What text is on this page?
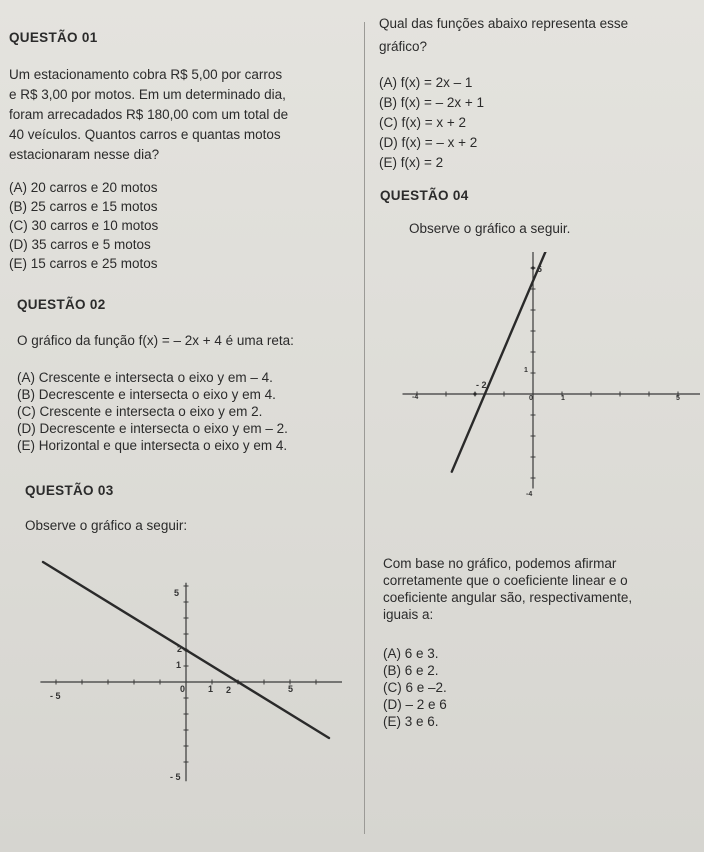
QUESTÃO 01
Um estacionamento cobra R$ 5,00 por carros
e R$ 3,00 por motos. Em um determinado dia,
foram arrecadados R$ 180,00 com um total de
40 veículos. Quantos carros e quantas motos
estacionaram nesse dia?
(A) 20 carros e 20 motos
(B) 25 carros e 15 motos
(C) 30 carros e 10 motos
(D) 35 carros e 5 motos
(E) 15 carros e 25 motos
QUESTÃO 02
O gráfico da função f(x) = – 2x + 4 é uma reta:
(A) Crescente e intersecta o eixo y em – 4.
(B) Decrescente e intersecta o eixo y em 4.
(C) Crescente e intersecta o eixo y em 2.
(D) Decrescente e intersecta o eixo y em – 2.
(E) Horizontal e que intersecta o eixo y em 4.
QUESTÃO 03
Observe o gráfico a seguir:
- 5
0	1 2	5
5
2
1
- 5
Qual das funções abaixo representa esse
gráfico?
(A) f(x) = 2x – 1
(B) f(x) = – 2x + 1
(C) f(x) = x + 2
(D) f(x) = – x + 2
(E) f(x) = 2
QUESTÃO 04
Observe o gráfico a seguir.
-4
- 2
0	1	5
6
1
-4
Com base no gráfico, podemos afirmar
corretamente que o coeficiente linear e o
coeficiente angular são, respectivamente,
iguais a:
(A) 6 e 3.
(B) 6 e 2.
(C) 6 e –2.
(D) – 2 e 6
(E) 3 e 6.
